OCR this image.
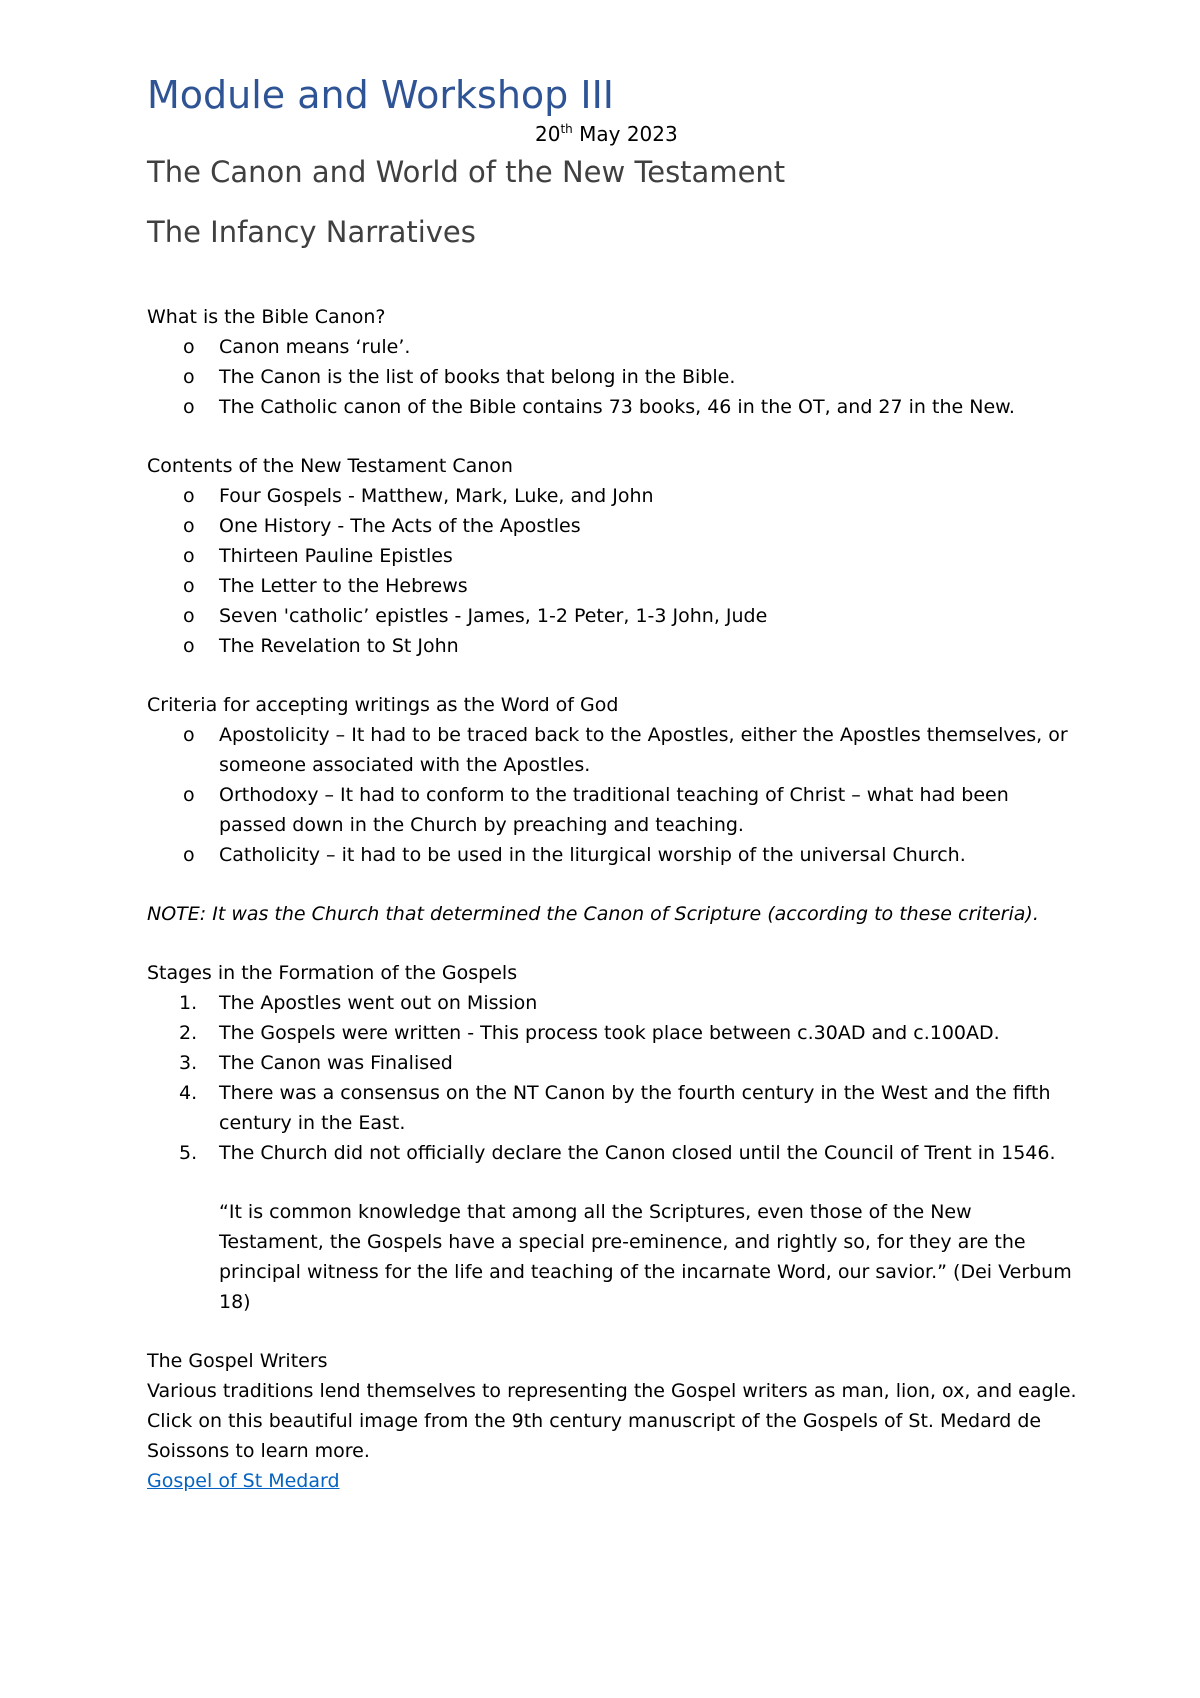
Module and Workshop III
20th May 2023
The Canon and World of the New Testament
The Infancy Narratives

What is the Bible Canon?

o Canon means ‘rule’.
o The Canon is the list of books that belong in the Bible.
o The Catholic canon of the Bible contains 73 books, 46 in the OT, and 27 in the New.

Contents of the New Testament Canon

o Four Gospels - Matthew, Mark, Luke, and John
o One History - The Acts of the Apostles
o Thirteen Pauline Epistles
o The Letter to the Hebrews
o Seven 'catholic’ epistles - James, 1-2 Peter, 1-3 John, Jude
o The Revelation to St John

Criteria for accepting writings as the Word of God

o Apostolicity – It had to be traced back to the Apostles, either the Apostles themselves, or someone associated with the Apostles.
o Orthodoxy – It had to conform to the traditional teaching of Christ – what had been passed down in the Church by preaching and teaching.
o Catholicity – it had to be used in the liturgical worship of the universal Church.

NOTE: It was the Church that determined the Canon of Scripture (according to these criteria).

Stages in the Formation of the Gospels

1. The Apostles went out on Mission
2. The Gospels were written - This process took place between c.30AD and c.100AD.
3. The Canon was Finalised
4. There was a consensus on the NT Canon by the fourth century in the West and the fifth century in the East.
5. The Church did not officially declare the Canon closed until the Council of Trent in 1546.

“It is common knowledge that among all the Scriptures, even those of the New Testament, the Gospels have a special pre-eminence, and rightly so, for they are the principal witness for the life and teaching of the incarnate Word, our savior.” (Dei Verbum 18)

The Gospel Writers

Various traditions lend themselves to representing the Gospel writers as man, lion, ox, and eagle. Click on this beautiful image from the 9th century manuscript of the Gospels of St. Medard de Soissons to learn more.

Gospel of St Medard
